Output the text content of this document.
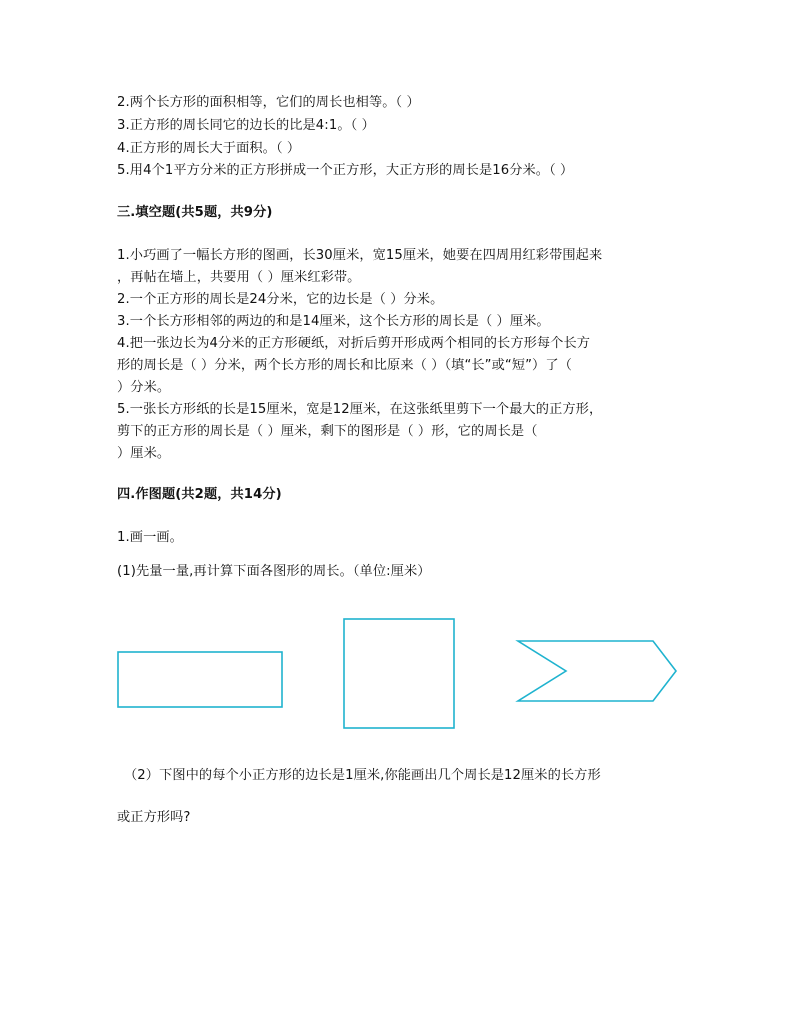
2.两个长方形的面积相等，它们的周长也相等。（ ）
3.正方形的周长同它的边长的比是4:1。（ ）
4.正方形的周长大于面积。（ ）
5.用4个1平方分米的正方形拼成一个正方形，大正方形的周长是16分米。（ ）
三.填空题(共5题，共9分)
1.小巧画了一幅长方形的图画，长30厘米，宽15厘米，她要在四周用红彩带围起来
，再帖在墙上，共要用（ ）厘米红彩带。
2.一个正方形的周长是24分米，它的边长是（ ）分米。
3.一个长方形相邻的两边的和是14厘米，这个长方形的周长是（ ）厘米。
4.把一张边长为4分米的正方形硬纸，对折后剪开形成两个相同的长方形每个长方
形的周长是（ ）分米，两个长方形的周长和比原来（ ）（填“长”或“短”）了（
）分米。
5.一张长方形纸的长是15厘米，宽是12厘米，在这张纸里剪下一个最大的正方形，
剪下的正方形的周长是（ ）厘米，剩下的图形是（ ）形，它的周长是（
）厘米。
四.作图题(共2题，共14分)
1.画一画。
(1)先量一量,再计算下面各图形的周长。（单位:厘米）
（2）下图中的每个小正方形的边长是1厘米,你能画出几个周长是12厘米的长方形
或正方形吗?
